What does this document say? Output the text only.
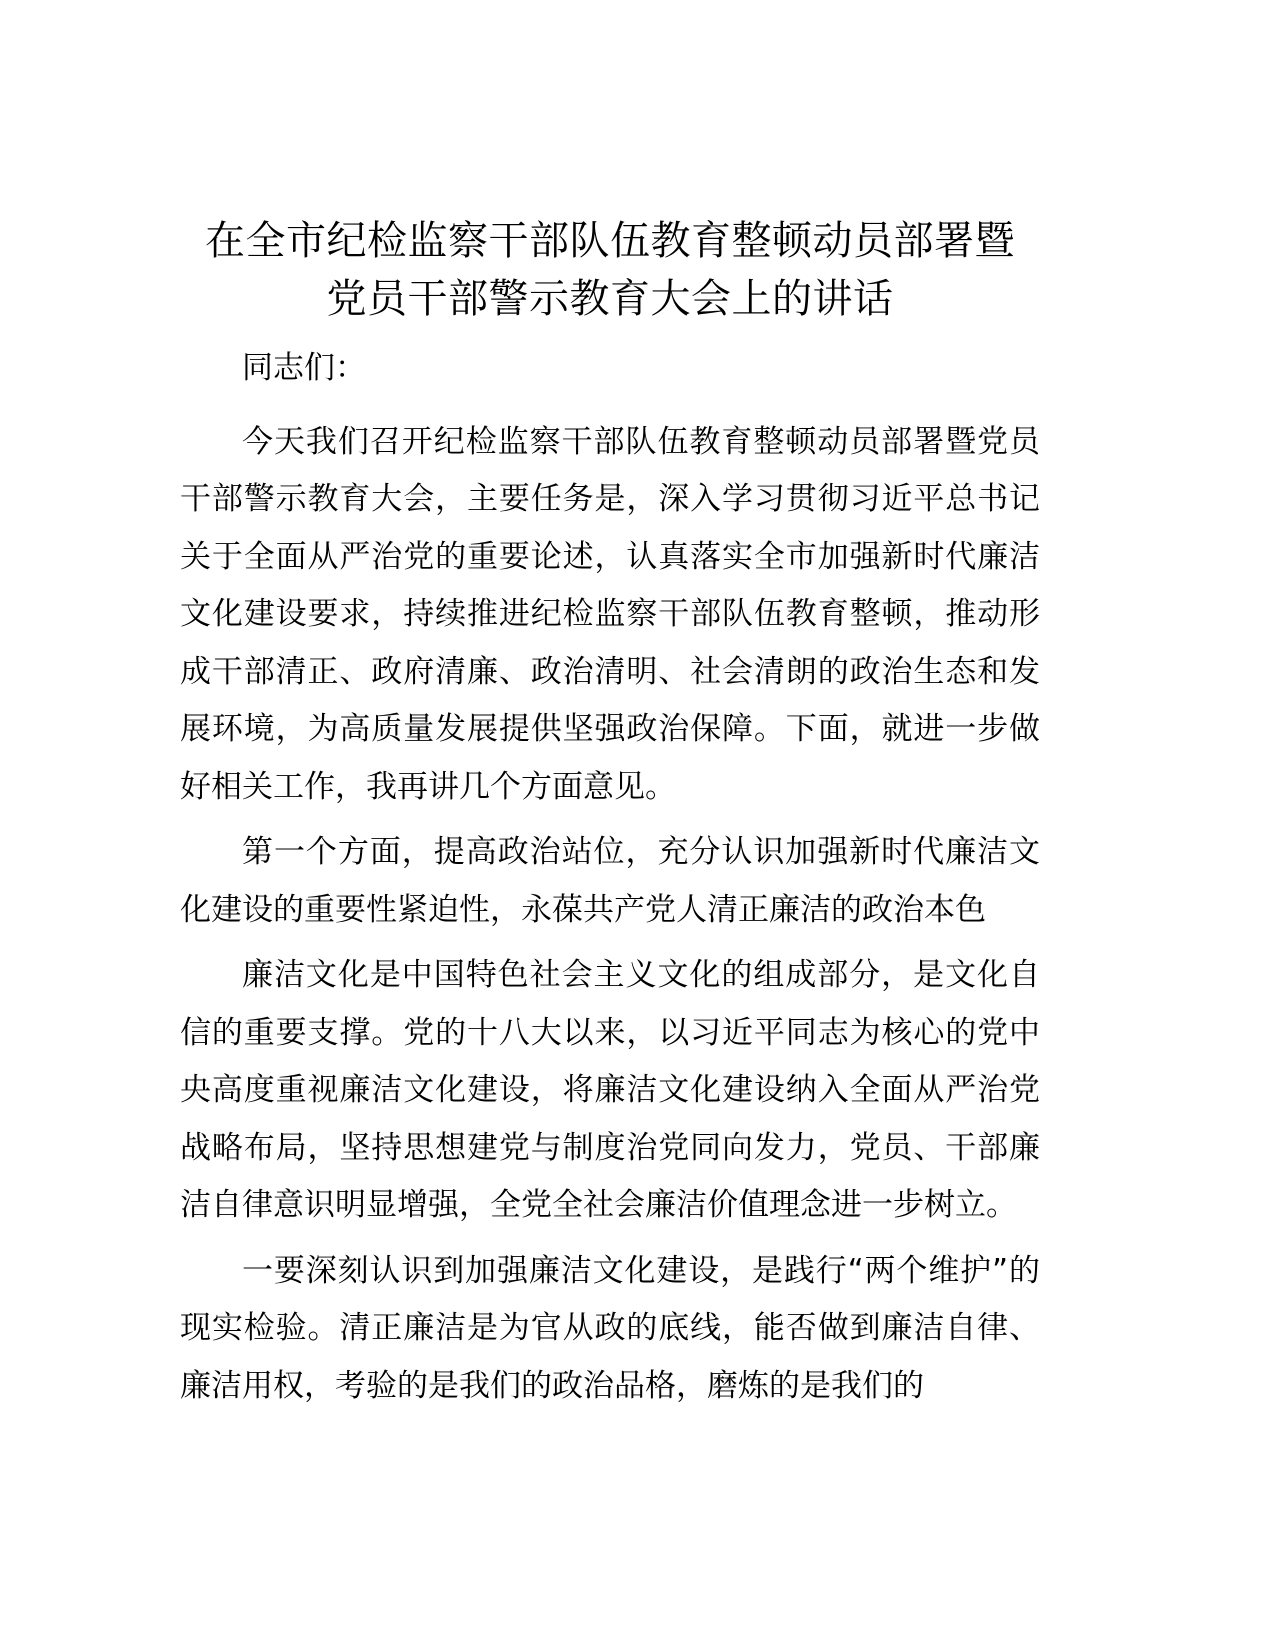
在全市纪检监察干部队伍教育整顿动员部署暨
党员干部警示教育大会上的讲话

同志们：

今天我们召开纪检监察干部队伍教育整顿动员部署暨党员干部警示教育大会，主要任务是，深入学习贯彻习近平总书记关于全面从严治党的重要论述，认真落实全市加强新时代廉洁文化建设要求，持续推进纪检监察干部队伍教育整顿，推动形成干部清正、政府清廉、政治清明、社会清朗的政治生态和发展环境，为高质量发展提供坚强政治保障。下面，就进一步做好相关工作，我再讲几个方面意见。

第一个方面，提高政治站位，充分认识加强新时代廉洁文化建设的重要性紧迫性，永葆共产党人清正廉洁的政治本色

廉洁文化是中国特色社会主义文化的组成部分，是文化自信的重要支撑。党的十八大以来，以习近平同志为核心的党中央高度重视廉洁文化建设，将廉洁文化建设纳入全面从严治党战略布局，坚持思想建党与制度治党同向发力，党员、干部廉洁自律意识明显增强，全党全社会廉洁价值理念进一步树立。

一要深刻认识到加强廉洁文化建设，是践行“两个维护”的现实检验。清正廉洁是为官从政的底线，能否做到廉洁自律、廉洁用权，考验的是我们的政治品格，磨炼的是我们的
